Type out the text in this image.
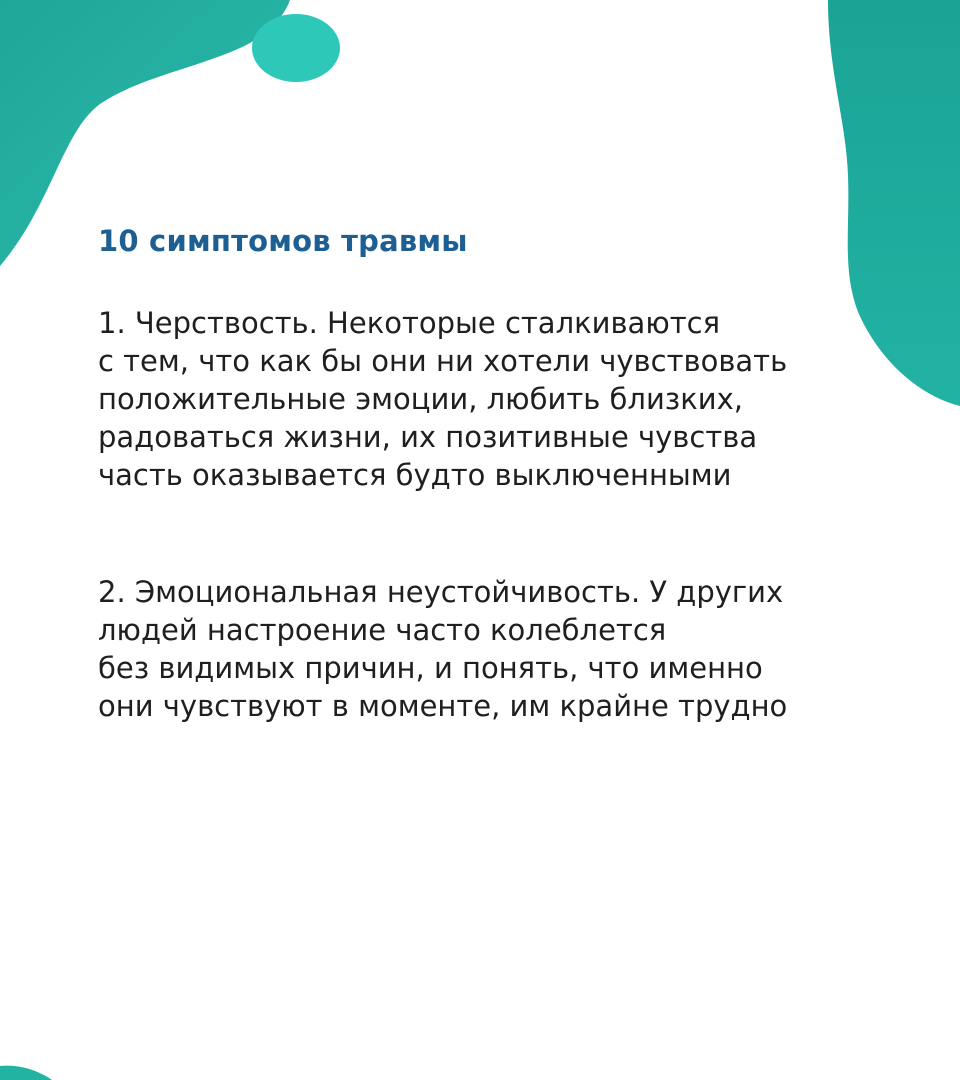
10 симптомов травмы

1. Черствость. Некоторые сталкиваются
с тем, что как бы они ни хотели чувствовать
положительные эмоции, любить близких,
радоваться жизни, их позитивные чувства
часть оказывается будто выключенными

2. Эмоциональная неустойчивость. У других
людей настроение часто колеблется
без видимых причин, и понять, что именно
они чувствуют в моменте, им крайне трудно
